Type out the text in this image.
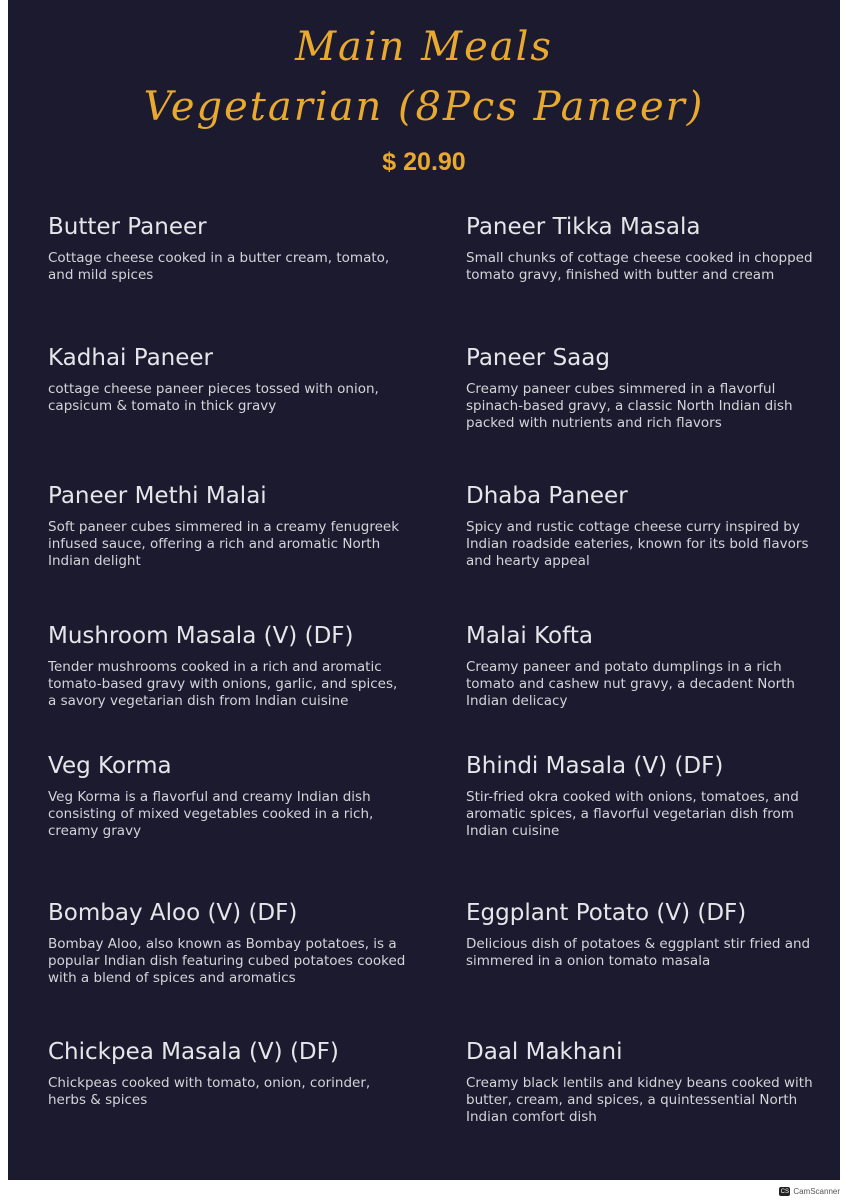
Main Meals
Vegetarian (8Pcs Paneer)
$ 20.90
Butter Paneer

Cottage cheese cooked in a butter cream, tomato, and mild spices

Paneer Tikka Masala

Small chunks of cottage cheese cooked in chopped tomato gravy, finished with butter and cream

Kadhai Paneer

cottage cheese paneer pieces tossed with onion, capsicum & tomato in thick gravy

Paneer Saag

Creamy paneer cubes simmered in a flavorful spinach-based gravy, a classic North Indian dish packed with nutrients and rich flavors

Paneer Methi Malai

Soft paneer cubes simmered in a creamy fenugreek infused sauce, offering a rich and aromatic North Indian delight

Dhaba Paneer

Spicy and rustic cottage cheese curry inspired by Indian roadside eateries, known for its bold flavors and hearty appeal

Mushroom Masala (V) (DF)

Tender mushrooms cooked in a rich and aromatic tomato-based gravy with onions, garlic, and spices, a savory vegetarian dish from Indian cuisine

Malai Kofta

Creamy paneer and potato dumplings in a rich tomato and cashew nut gravy, a decadent North Indian delicacy

Veg Korma

Veg Korma is a flavorful and creamy Indian dish consisting of mixed vegetables cooked in a rich, creamy gravy

Bhindi Masala (V) (DF)

Stir-fried okra cooked with onions, tomatoes, and aromatic spices, a flavorful vegetarian dish from Indian cuisine

Bombay Aloo (V) (DF)

Bombay Aloo, also known as Bombay potatoes, is a popular Indian dish featuring cubed potatoes cooked with a blend of spices and aromatics

Eggplant Potato (V) (DF)

Delicious dish of potatoes & eggplant stir fried and simmered in a onion tomato masala

Chickpea Masala (V) (DF)

Chickpeas cooked with tomato, onion, corinder, herbs & spices

Daal Makhani

Creamy black lentils and kidney beans cooked with butter, cream, and spices, a quintessential North Indian comfort dish

CS CamScanner
